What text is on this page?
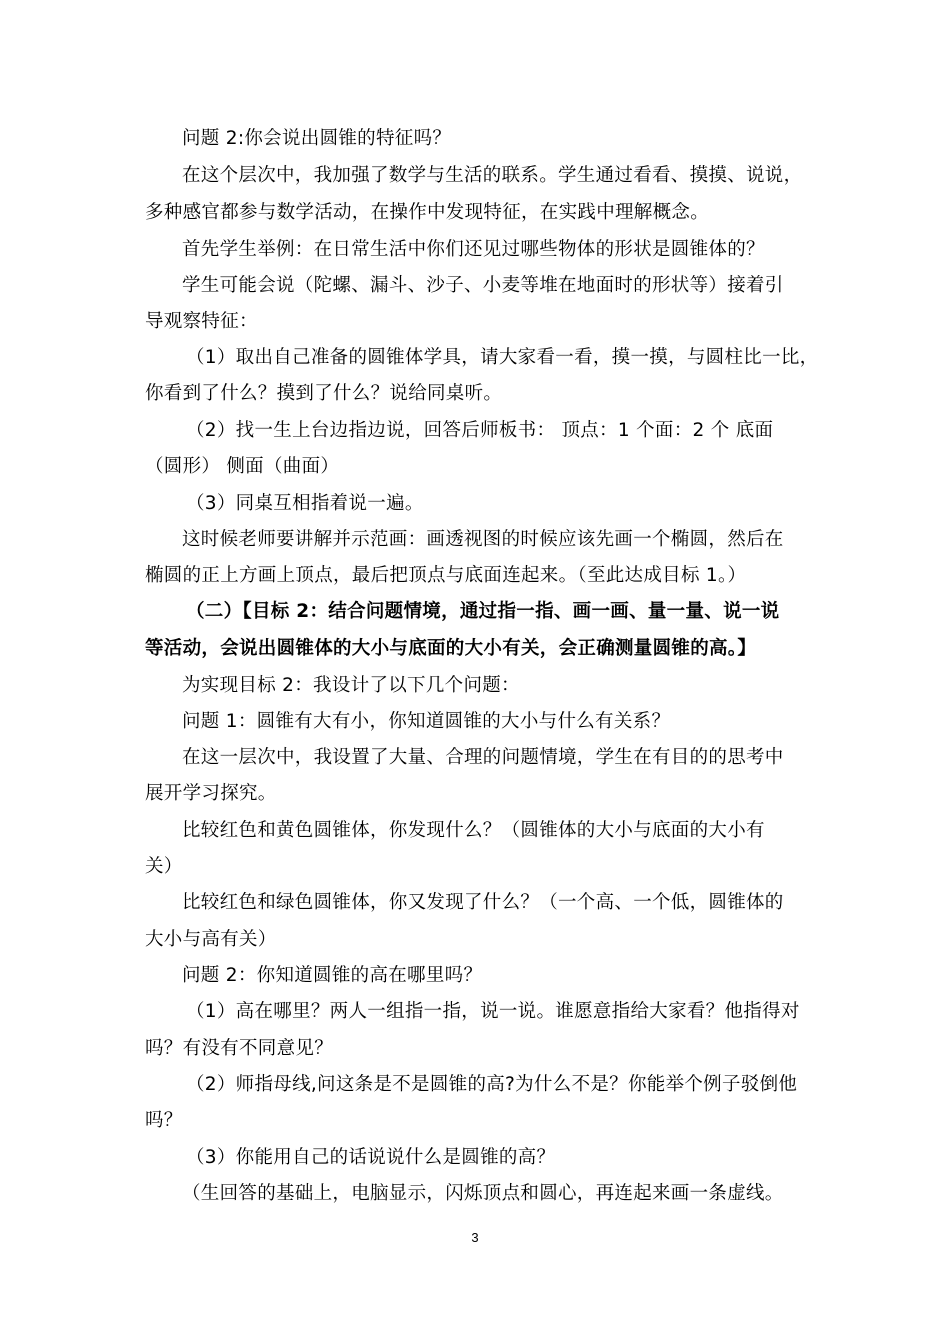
问题 2:你会说出圆锥的特征吗？
在这个层次中，我加强了数学与生活的联系。学生通过看看、摸摸、说说，
多种感官都参与数学活动，在操作中发现特征，在实践中理解概念。
首先学生举例：在日常生活中你们还见过哪些物体的形状是圆锥体的？
学生可能会说（陀螺、漏斗、沙子、小麦等堆在地面时的形状等）接着引
导观察特征：
（1）取出自己准备的圆锥体学具，请大家看一看，摸一摸，与圆柱比一比，
你看到了什么？摸到了什么？说给同桌听。
（2）找一生上台边指边说，回答后师板书： 顶点：1 个面：2 个 底面
（圆形） 侧面（曲面）
（3）同桌互相指着说一遍。
这时候老师要讲解并示范画：画透视图的时候应该先画一个椭圆，然后在
椭圆的正上方画上顶点，最后把顶点与底面连起来。（至此达成目标 1。）
（二）【目标 2：结合问题情境，通过指一指、画一画、量一量、说一说
等活动，会说出圆锥体的大小与底面的大小有关，会正确测量圆锥的高。】
为实现目标 2：我设计了以下几个问题：
问题 1：圆锥有大有小，你知道圆锥的大小与什么有关系？
在这一层次中，我设置了大量、合理的问题情境，学生在有目的的思考中
展开学习探究。
比较红色和黄色圆锥体，你发现什么？（圆锥体的大小与底面的大小有
关）
比较红色和绿色圆锥体，你又发现了什么？（一个高、一个低，圆锥体的
大小与高有关）
问题 2：你知道圆锥的高在哪里吗？
（1）高在哪里？两人一组指一指，说一说。谁愿意指给大家看？他指得对
吗？有没有不同意见？
（2）师指母线,问这条是不是圆锥的高?为什么不是？你能举个例子驳倒他
吗？
（3）你能用自己的话说说什么是圆锥的高？
（生回答的基础上，电脑显示，闪烁顶点和圆心，再连起来画一条虚线。
3
